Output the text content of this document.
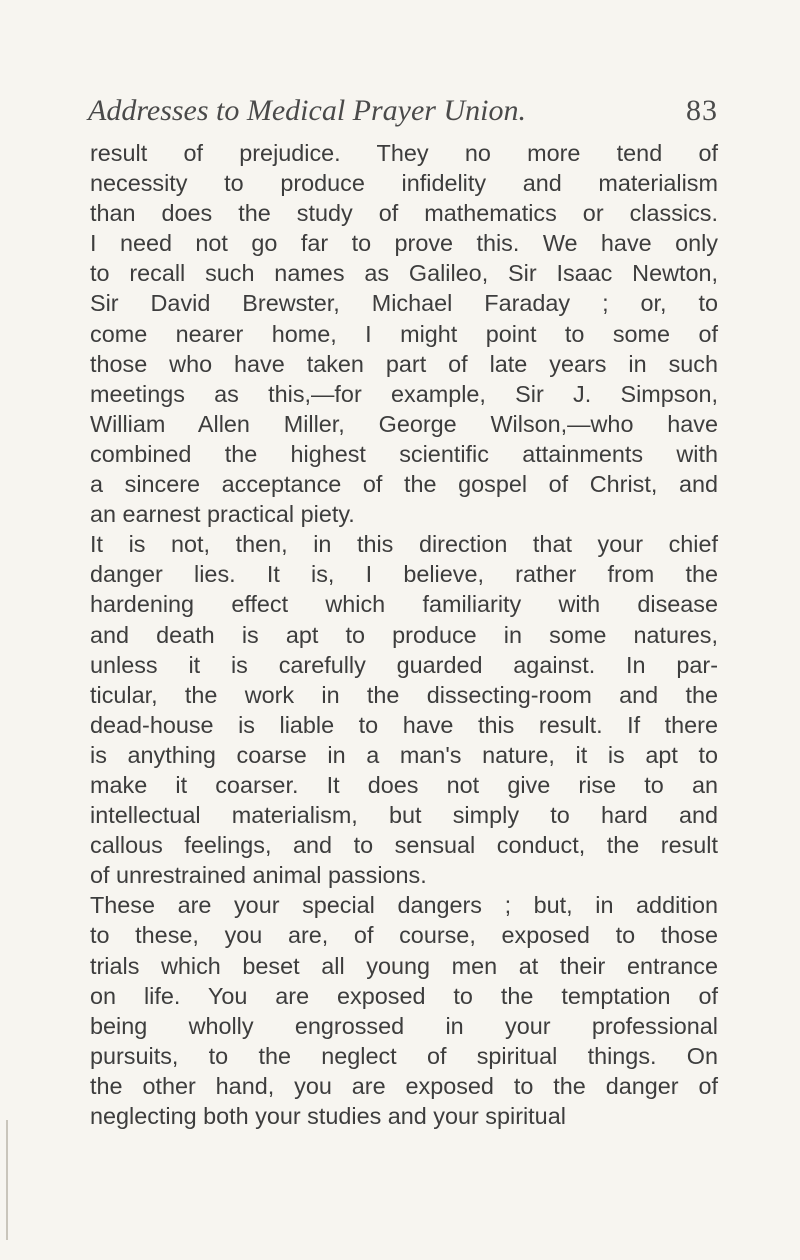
Addresses to Medical Prayer Union.	83
result of prejudice. They no more tend of
necessity to produce infidelity and materialism
than does the study of mathematics or classics.
I need not go far to prove this. We have only
to recall such names as Galileo, Sir Isaac Newton,
Sir David Brewster, Michael Faraday ; or, to
come nearer home, I might point to some of
those who have taken part of late years in such
meetings as this,—for example, Sir J. Simpson,
William Allen Miller, George Wilson,—who have
combined the highest scientific attainments with
a sincere acceptance of the gospel of Christ, and
an earnest practical piety.
It is not, then, in this direction that your chief
danger lies. It is, I believe, rather from the
hardening effect which familiarity with disease
and death is apt to produce in some natures,
unless it is carefully guarded against. In par-
ticular, the work in the dissecting-room and the
dead-house is liable to have this result. If there
is anything coarse in a man's nature, it is apt to
make it coarser. It does not give rise to an
intellectual materialism, but simply to hard and
callous feelings, and to sensual conduct, the result
of unrestrained animal passions.
These are your special dangers ; but, in addition
to these, you are, of course, exposed to those
trials which beset all young men at their entrance
on life. You are exposed to the temptation of
being wholly engrossed in your professional
pursuits, to the neglect of spiritual things. On
the other hand, you are exposed to the danger of
neglecting both your studies and your spiritual
